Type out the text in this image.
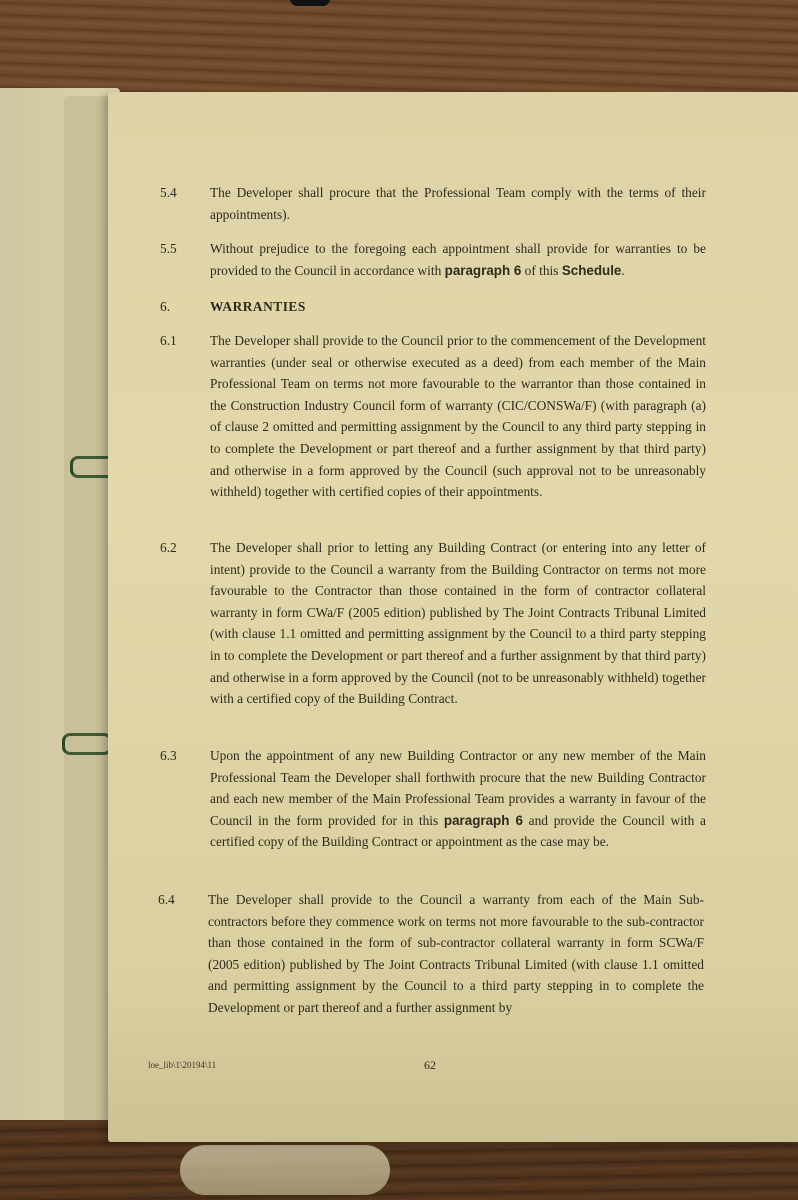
5.4	The Developer shall procure that the Professional Team comply with the terms of their appointments).
5.5	Without prejudice to the foregoing each appointment shall provide for warranties to be provided to the Council in accordance with paragraph 6 of this Schedule.
6.	WARRANTIES
6.1	The Developer shall provide to the Council prior to the commencement of the Development warranties (under seal or otherwise executed as a deed) from each member of the Main Professional Team on terms not more favourable to the warrantor than those contained in the Construction Industry Council form of warranty (CIC/CONSWa/F) (with paragraph (a) of clause 2 omitted and permitting assignment by the Council to any third party stepping in to complete the Development or part thereof and a further assignment by that third party) and otherwise in a form approved by the Council (such approval not to be unreasonably withheld) together with certified copies of their appointments.
6.2	The Developer shall prior to letting any Building Contract (or entering into any letter of intent) provide to the Council a warranty from the Building Contractor on terms not more favourable to the Contractor than those contained in the form of contractor collateral warranty in form CWa/F (2005 edition) published by The Joint Contracts Tribunal Limited (with clause 1.1 omitted and permitting assignment by the Council to a third party stepping in to complete the Development or part thereof and a further assignment by that third party) and otherwise in a form approved by the Council (not to be unreasonably withheld) together with a certified copy of the Building Contract.
6.3	Upon the appointment of any new Building Contractor or any new member of the Main Professional Team the Developer shall forthwith procure that the new Building Contractor and each new member of the Main Professional Team provides a warranty in favour of the Council in the form provided for in this paragraph 6 and provide the Council with a certified copy of the Building Contract or appointment as the case may be.
6.4	The Developer shall provide to the Council a warranty from each of the Main Sub-contractors before they commence work on terms not more favourable to the sub-contractor than those contained in the form of sub-contractor collateral warranty in form SCWa/F (2005 edition) published by The Joint Contracts Tribunal Limited (with clause 1.1 omitted and permitting assignment by the Council to a third party stepping in to complete the Development or part thereof and a further assignment by
loe_lib\1\20194\11	62
